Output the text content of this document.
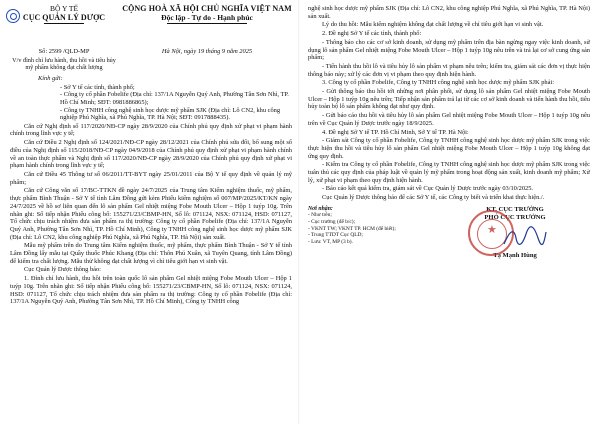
BỘ Y TẾ
CỤC QUẢN LÝ DƯỢC
CỘNG HOÀ XÃ HỘI CHỦ NGHĨA VIỆT NAM
Độc lập - Tự do - Hạnh phúc
Số: 2599 /QLD-MP	Hà Nội, ngày 19 tháng 9 năm 2025
V/v đình chỉ lưu hành, thu hồi và tiêu hủy mỹ phẩm không đạt chất lượng
Kính gửi:
- Sở Y tế các tỉnh, thành phố;
- Công ty cổ phần Fobelife (Địa chỉ: 137/1A Nguyễn Quý Anh, Phường Tân Sơn Nhì, TP. Hồ Chí Minh; SĐT: 0981886865);
- Công ty TNHH công nghệ sinh học dược mỹ phẩm SJK (Địa chỉ: Lô CN2, khu công nghiệp Phú Nghĩa, xã Phú Nghĩa, TP. Hà Nội; SĐT: 0917888435).

Căn cứ Nghị định số 117/2020/NĐ-CP ngày 28/9/2020 của Chính phủ quy định xử phạt vi phạm hành chính trong lĩnh vực y tế;

Căn cứ Điều 2 Nghị định số 124/2021/NĐ-CP ngày 28/12/2021 của Chính phủ sửa đổi, bổ sung một số điều của Nghị định số 115/2018/NĐ-CP ngày 04/9/2018 của Chính phủ quy định xử phạt vi phạm hành chính về an toàn thực phẩm và Nghị định số 117/2020/NĐ-CP ngày 28/9/2020 của Chính phủ quy định xử phạt vi phạm hành chính trong lĩnh vực y tế;

Căn cứ Điều 45 Thông tư số 06/2011/TT-BYT ngày 25/01/2011 của Bộ Y tế quy định về quản lý mỹ phẩm;

Căn cứ Công văn số 17/BC-TTKN đề ngày 24/7/2025 của Trung tâm Kiểm nghiệm thuốc, mỹ phẩm, thực phẩm Bình Thuận - Sở Y tế tỉnh Lâm Đồng gửi kèm Phiếu kiểm nghiệm số 007/MP/2025/KT/KN ngày 24/7/2025 về hồ sơ liên quan đến lô sản phẩm Gel nhiệt miệng Fobe Mouth Ulcer – Hộp 1 tuýp 10g. Trên nhãn ghi: Số tiếp nhận Phiếu công bố: 155271/23/CBMP-HN, Số lô: 071124, NSX: 071124, HSD: 071127, Tổ chức chịu trách nhiệm đưa sản phẩm ra thị trường: Công ty cổ phần Fobelife (Địa chỉ: 137/1A Nguyễn Quý Anh, Phường Tân Sơn Nhì, TP. Hồ Chí Minh), Công ty TNHH công nghệ sinh học dược mỹ phẩm SJK (Địa chỉ: Lô CN2, khu công nghiệp Phú Nghĩa, xã Phú Nghĩa, TP. Hà Nội) sản xuất.

Mẫu mỹ phẩm trên do Trung tâm Kiểm nghiệm thuốc, mỹ phẩm, thực phẩm Bình Thuận - Sở Y tế tỉnh Lâm Đồng lấy mẫu tại Quầy thuốc Phúc Khang (Địa chỉ: Thôn Phú Xuân, xã Tuyên Quang, tỉnh Lâm Đồng) để kiểm tra chất lượng. Mẫu thử không đạt chất lượng vì chỉ tiêu giới hạn vi sinh vật.

Cục Quản lý Dược thông báo:

1. Đình chỉ lưu hành, thu hồi trên toàn quốc lô sản phẩm Gel nhiệt miệng Fobe Mouth Ulcer – Hộp 1 tuýp 10g. Trên nhãn ghi: Số tiếp nhận Phiếu công bố: 155271/23/CBMP-HN, Số lô: 071124, NSX: 071124, HSD: 071127, Tổ chức chịu trách nhiệm đưa sản phẩm ra thị trường: Công ty cổ phần Fobelife (Địa chỉ: 137/1A Nguyễn Quý Anh, Phường Tân Sơn Nhì, TP. Hồ Chí Minh), Công ty TNHH công

nghệ sinh học dược mỹ phẩm SJK (Địa chỉ: Lô CN2, khu công nghiệp Phú Nghĩa, xã Phú Nghĩa, TP. Hà Nội) sản xuất.

Lý do thu hồi: Mẫu kiểm nghiệm không đạt chất lượng về chỉ tiêu giới hạn vi sinh vật.

2. Đề nghị Sở Y tế các tỉnh, thành phố:

- Thông báo cho các cơ sở kinh doanh, sử dụng mỹ phẩm trên địa bàn ngừng ngay việc kinh doanh, sử dụng lô sản phẩm Gel nhiệt miệng Fobe Mouth Ulcer – Hộp 1 tuýp 10g nêu trên và trả lại cơ sở cung ứng sản phẩm;

- Tiến hành thu hồi lô và tiêu hủy lô sản phẩm vi phạm nêu trên; kiểm tra, giám sát các đơn vị thực hiện thông báo này; xử lý các đơn vị vi phạm theo quy định hiện hành.

3. Công ty cổ phần Fobelife, Công ty TNHH công nghệ sinh học dược mỹ phẩm SJK phải:

- Gửi thông báo thu hồi tới những nơi phân phối, sử dụng lô sản phẩm Gel nhiệt miệng Fobe Mouth Ulcer – Hộp 1 tuýp 10g nêu trên; Tiếp nhận sản phẩm trả lại từ các cơ sở kinh doanh và tiến hành thu hồi, tiêu hủy toàn bộ lô sản phẩm không đạt như quy định.

- Gửi báo cáo thu hồi và tiêu hủy lô sản phẩm Gel nhiệt miệng Fobe Mouth Ulcer – Hộp 1 tuýp 10g nêu trên về Cục Quản lý Dược trước ngày 18/9/2025.

4. Đề nghị Sở Y tế TP. Hồ Chí Minh, Sở Y tế TP. Hà Nội:

- Giám sát Công ty cổ phần Fobelife, Công ty TNHH công nghệ sinh học dược mỹ phẩm SJK trong việc thực hiện thu hồi và tiêu hủy lô sản phẩm Gel nhiệt miệng Fobe Mouth Ulcer – Hộp 1 tuýp 10g không đạt ứng quy định.

- Kiểm tra Công ty cổ phần Fobelife, Công ty TNHH công nghệ sinh học dược mỹ phẩm SJK trong việc tuân thủ các quy định của pháp luật về quản lý mỹ phẩm trong hoạt động sản xuất, kinh doanh mỹ phẩm; Xử lý, xử phạt vi phạm theo quy định hiện hành.

- Báo cáo kết quả kiểm tra, giám sát về Cục Quản lý Dược trước ngày 03/10/2025.

Cục Quản lý Dược thông báo để các Sở Y tế, các Công ty biết và triển khai thực hiện./.

Nơi nhận:
- Như trên;
- Cục trưởng (để b/c);
- VKNT TW; VKNT TP. HCM (để biết);
- Trung TTDT Cục QLD;
- Lưu: VT, MP (3 b).
KT. CỤC TRƯỞNG
PHÓ CỤC TRƯỞNG
★
Tạ Mạnh Hùng
